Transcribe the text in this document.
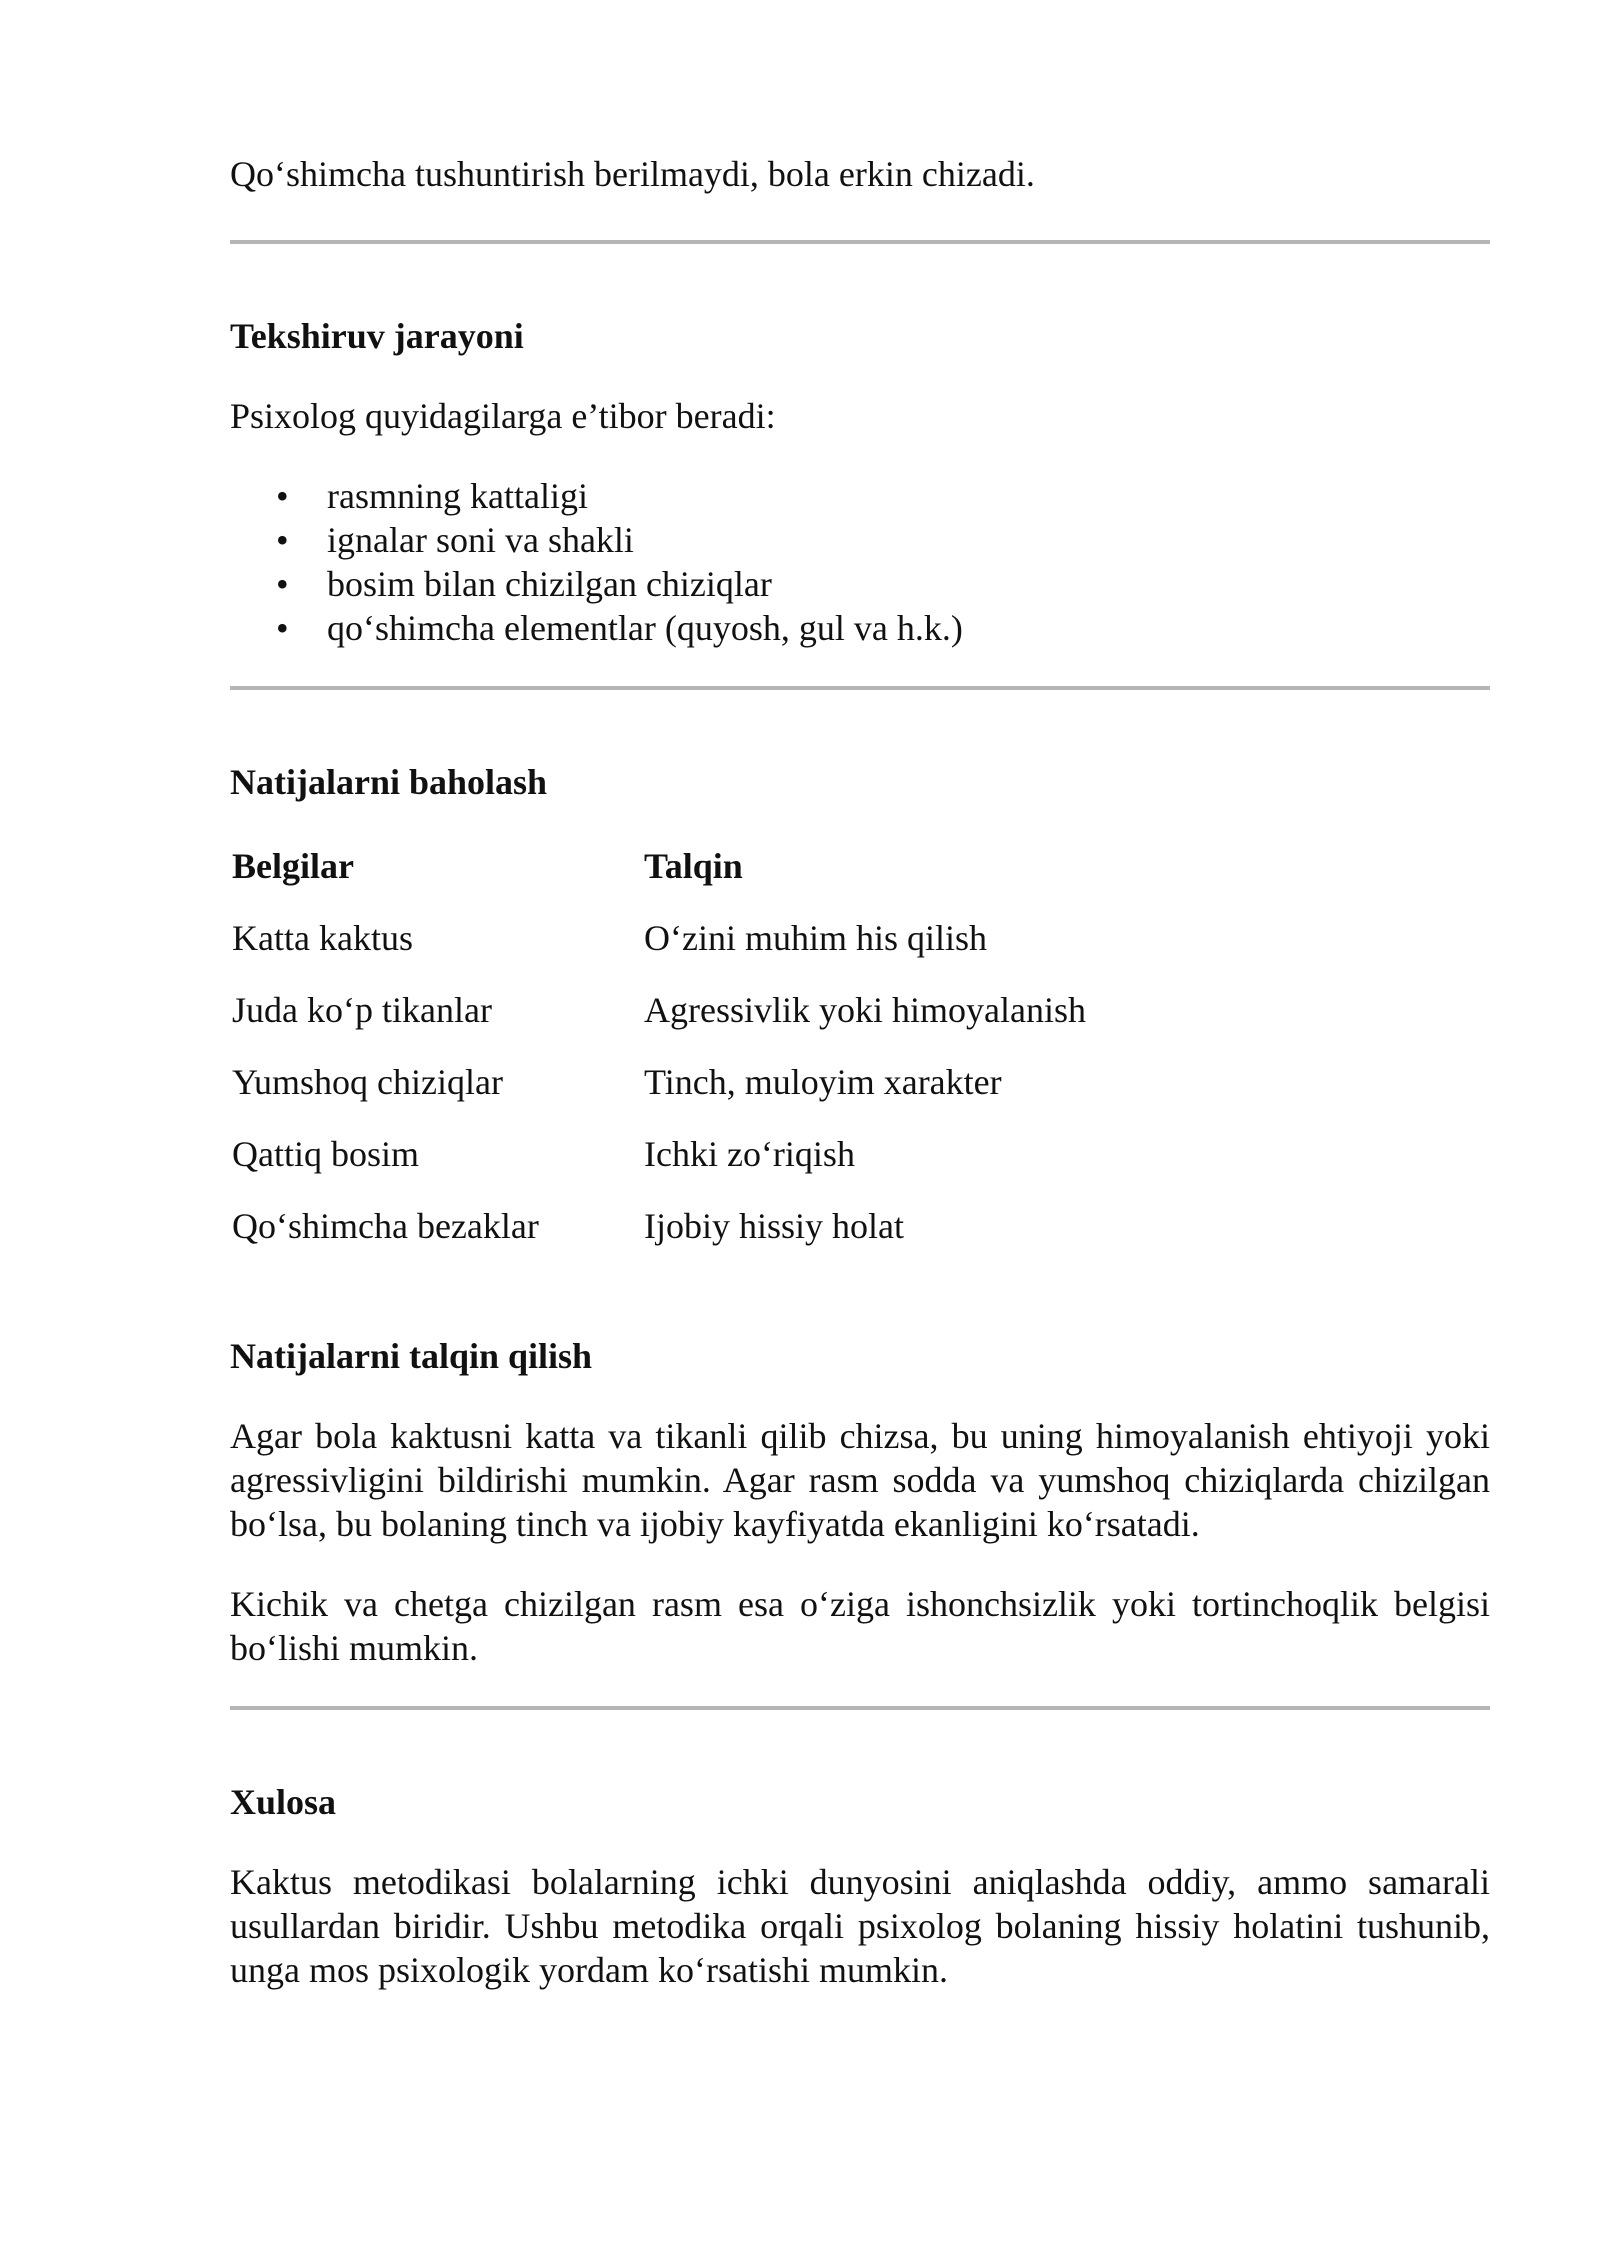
Qo‘shimcha tushuntirish berilmaydi, bola erkin chizadi.

Tekshiruv jarayoni

Psixolog quyidagilarga e’tibor beradi:

• rasmning kattaligi
• ignalar soni va shakli
• bosim bilan chizilgan chiziqlar
• qo‘shimcha elementlar (quyosh, gul va h.k.)
Natijalarni baholash
Belgilar	Talqin
Katta kaktus	O‘zini muhim his qilish
Juda ko‘p tikanlar	Agressivlik yoki himoyalanish
Yumshoq chiziqlar	Tinch, muloyim xarakter
Qattiq bosim	Ichki zo‘riqish
Qo‘shimcha bezaklar	Ijobiy hissiy holat
Natijalarni talqin qilish

Agar bola kaktusni katta va tikanli qilib chizsa, bu uning himoyalanish ehtiyoji yoki agressivligini bildirishi mumkin. Agar rasm sodda va yumshoq chiziqlarda chizilgan bo‘lsa, bu bolaning tinch va ijobiy kayfiyatda ekanligini ko‘rsatadi.

Kichik va chetga chizilgan rasm esa o‘ziga ishonchsizlik yoki tortinchoqlik belgisi bo‘lishi mumkin.

Xulosa

Kaktus metodikasi bolalarning ichki dunyosini aniqlashda oddiy, ammo samarali usullardan biridir. Ushbu metodika orqali psixolog bolaning hissiy holatini tushunib, unga mos psixologik yordam ko‘rsatishi mumkin.
